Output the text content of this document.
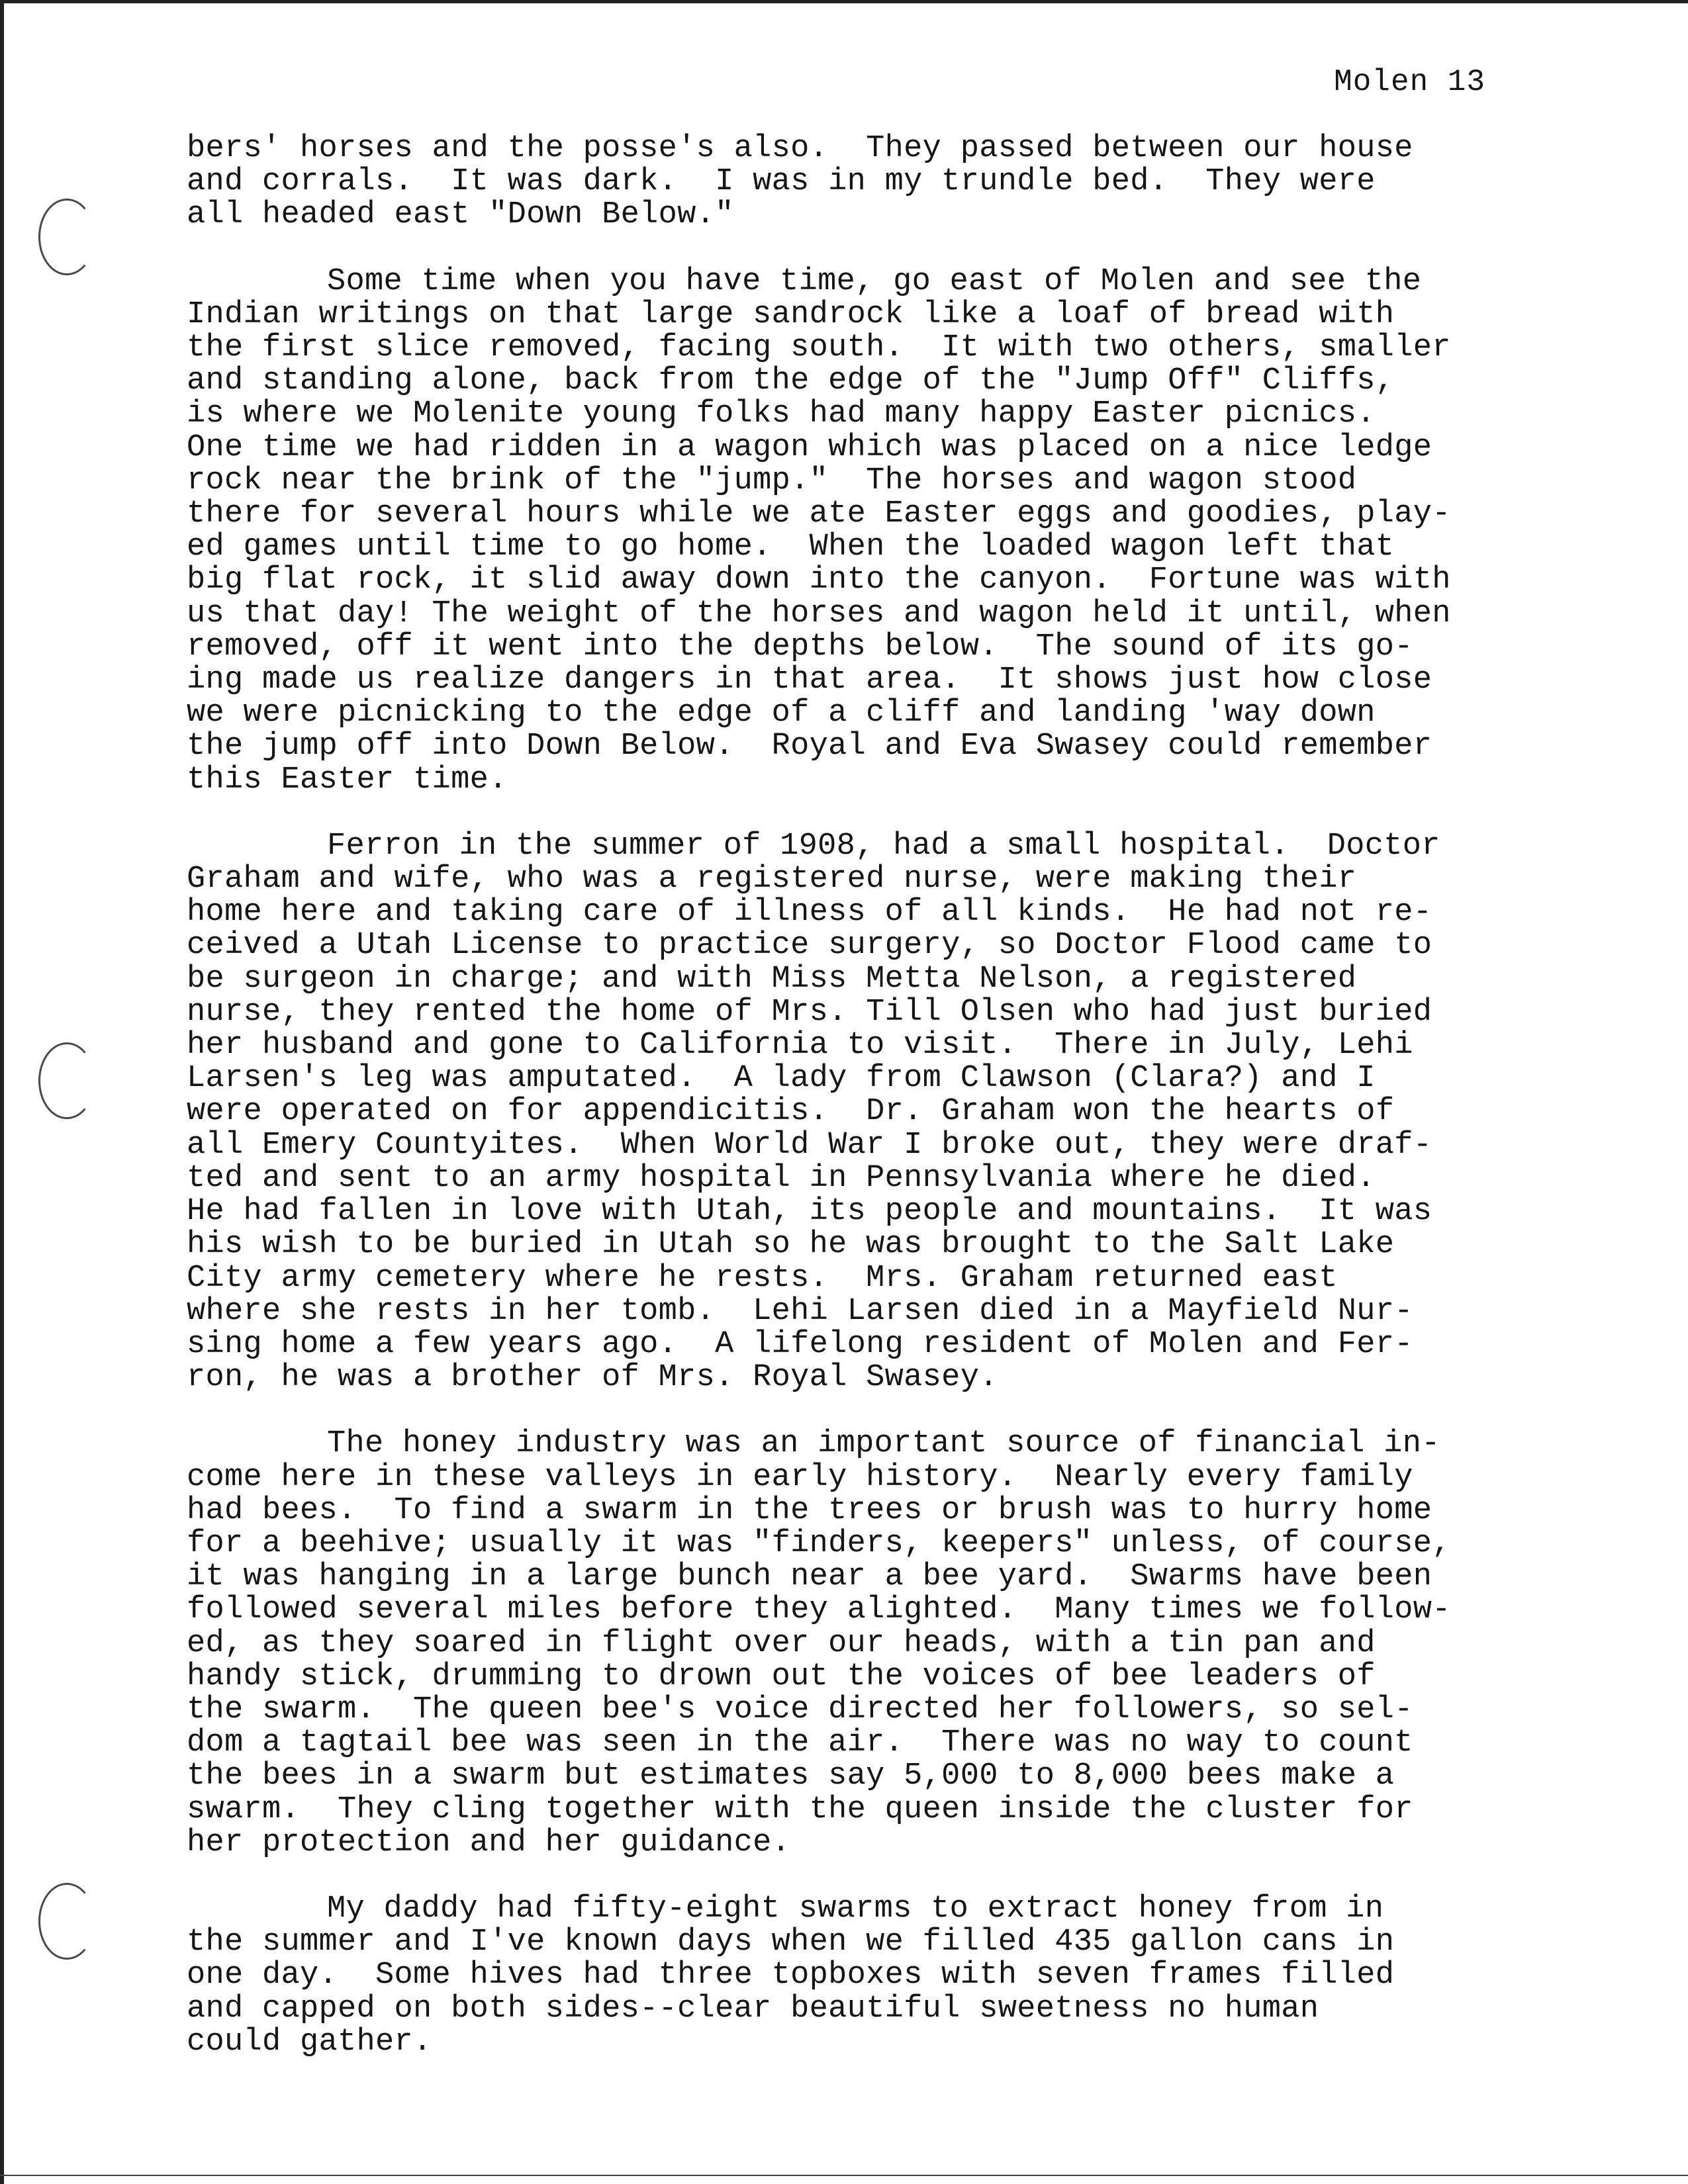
Molen 13
bers' horses and the posse's also.  They passed between our house
and corrals.  It was dark.  I was in my trundle bed.  They were
all headed east "Down Below."
Some time when you have time, go east of Molen and see the
Indian writings on that large sandrock like a loaf of bread with
the first slice removed, facing south.  It with two others, smaller
and standing alone, back from the edge of the "Jump Off" Cliffs,
is where we Molenite young folks had many happy Easter picnics.
One time we had ridden in a wagon which was placed on a nice ledge
rock near the brink of the "jump."  The horses and wagon stood
there for several hours while we ate Easter eggs and goodies, play-
ed games until time to go home.  When the loaded wagon left that
big flat rock, it slid away down into the canyon.  Fortune was with
us that day! The weight of the horses and wagon held it until, when
removed, off it went into the depths below.  The sound of its go-
ing made us realize dangers in that area.  It shows just how close
we were picnicking to the edge of a cliff and landing 'way down
the jump off into Down Below.  Royal and Eva Swasey could remember
this Easter time.
Ferron in the summer of 1908, had a small hospital.  Doctor
Graham and wife, who was a registered nurse, were making their
home here and taking care of illness of all kinds.  He had not re-
ceived a Utah License to practice surgery, so Doctor Flood came to
be surgeon in charge; and with Miss Metta Nelson, a registered
nurse, they rented the home of Mrs. Till Olsen who had just buried
her husband and gone to California to visit.  There in July, Lehi
Larsen's leg was amputated.  A lady from Clawson (Clara?) and I
were operated on for appendicitis.  Dr. Graham won the hearts of
all Emery Countyites.  When World War I broke out, they were draf-
ted and sent to an army hospital in Pennsylvania where he died.
He had fallen in love with Utah, its people and mountains.  It was
his wish to be buried in Utah so he was brought to the Salt Lake
City army cemetery where he rests.  Mrs. Graham returned east
where she rests in her tomb.  Lehi Larsen died in a Mayfield Nur-
sing home a few years ago.  A lifelong resident of Molen and Fer-
ron, he was a brother of Mrs. Royal Swasey.
The honey industry was an important source of financial in-
come here in these valleys in early history.  Nearly every family
had bees.  To find a swarm in the trees or brush was to hurry home
for a beehive; usually it was "finders, keepers" unless, of course,
it was hanging in a large bunch near a bee yard.  Swarms have been
followed several miles before they alighted.  Many times we follow-
ed, as they soared in flight over our heads, with a tin pan and
handy stick, drumming to drown out the voices of bee leaders of
the swarm.  The queen bee's voice directed her followers, so sel-
dom a tagtail bee was seen in the air.  There was no way to count
the bees in a swarm but estimates say 5,000 to 8,000 bees make a
swarm.  They cling together with the queen inside the cluster for
her protection and her guidance.
My daddy had fifty-eight swarms to extract honey from in
the summer and I've known days when we filled 435 gallon cans in
one day.  Some hives had three topboxes with seven frames filled
and capped on both sides--clear beautiful sweetness no human
could gather.
